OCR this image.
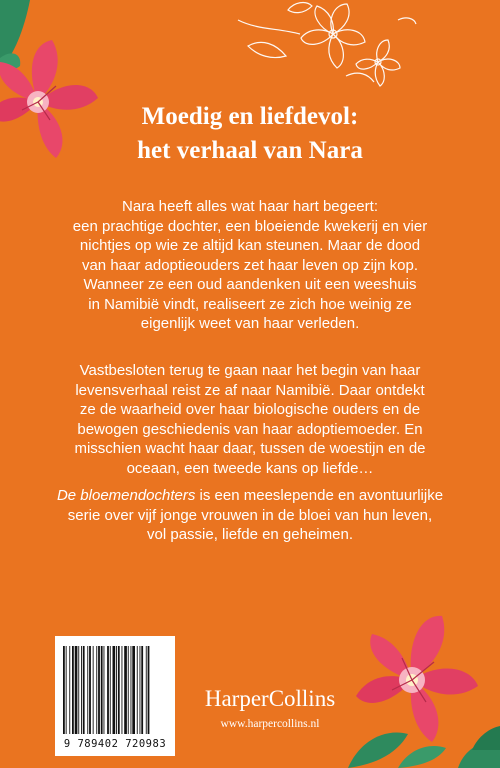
Moedig en liefdevol:
het verhaal van Nara
Nara heeft alles wat haar hart begeert:
een prachtige dochter, een bloeiende kwekerij en vier
nichtjes op wie ze altijd kan steunen. Maar de dood
van haar adoptieouders zet haar leven op zijn kop.
Wanneer ze een oud aandenken uit een weeshuis
in Namibië vindt, realiseert ze zich hoe weinig ze
eigenlijk weet van haar verleden.
Vastbesloten terug te gaan naar het begin van haar
levensverhaal reist ze af naar Namibië. Daar ontdekt
ze de waarheid over haar biologische ouders en de
bewogen geschiedenis van haar adoptiemoeder. En
misschien wacht haar daar, tussen de woestijn en de
oceaan, een tweede kans op liefde…
De bloemendochters is een meeslepende en avontuurlijke
serie over vijf jonge vrouwen in de bloei van hun leven,
vol passie, liefde en geheimen.
9 789402 720983
HarperCollins
www.harpercollins.nl
